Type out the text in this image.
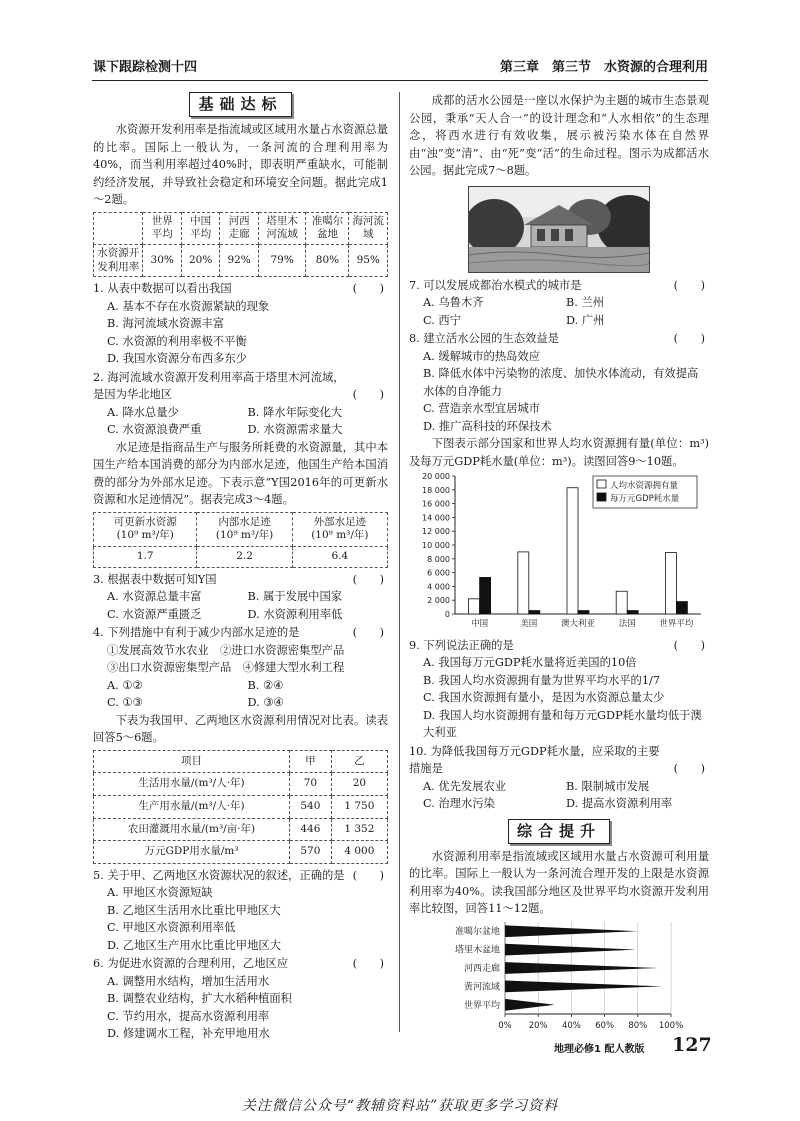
课下跟踪检测十四	第三章　第三节　水资源的合理利用
基础达标

水资源开发利用率是指流域或区域用水量占水资源总量的比率。国际上一般认为，一条河流的合理利用率为40%，而当利用率超过40%时，即表明严重缺水，可能制约经济发展，并导致社会稳定和环境安全问题。据此完成1～2题。

	世界平均	中国平均	河西走廊	塔里木河流域	准噶尔盆地	海河流域
水资源开发利用率	30%	20%	92%	79%	80%	95%
1. 从表中数据可以看出我国	(　　)
A. 基本不存在水资源紧缺的现象
B. 海河流域水资源丰富
C. 水资源的利用率极不平衡
D. 我国水资源分布西多东少
2. 海河流域水资源开发利用率高于塔里木河流域，是因为华北地区	(　　)
A. 降水总量少	B. 降水年际变化大
C. 水资源浪费严重	D. 水资源需求量大

水足迹是指商品生产与服务所耗费的水资源量，其中本国生产给本国消费的部分为内部水足迹，他国生产给本国消费的部分为外部水足迹。下表示意“Y国2016年的可更新水资源和水足迹情况”。据表完成3～4题。

可更新水资源
(10⁹ m³/年)	内部水足迹
(10⁹ m³/年)	外部水足迹
(10⁹ m³/年)
1.7	2.2	6.4
3. 根据表中数据可知Y国	(　　)
A. 水资源总量丰富	B. 属于发展中国家
C. 水资源严重匮乏	D. 水资源利用率低
4. 下列措施中有利于减少内部水足迹的是	(　　)
①发展高效节水农业　②进口水资源密集型产品
③出口水资源密集型产品　④修建大型水利工程
A. ①②	B. ②④
C. ①③	D. ③④

下表为我国甲、乙两地区水资源利用情况对比表。读表回答5～6题。

项目	甲	乙
生活用水量/(m³/人·年)	70	20
生产用水量/(m³/人·年)	540	1 750
农田灌溉用水量/(m³/亩·年)	446	1 352
万元GDP用水量/m³	570	4 000
5. 关于甲、乙两地区水资源状况的叙述，正确的是 (　　)
A. 甲地区水资源短缺
B. 乙地区生活用水比重比甲地区大
C. 甲地区水资源利用率低
D. 乙地区生产用水比重比甲地区大
6. 为促进水资源的合理利用，乙地区应	(　　)
A. 调整用水结构，增加生活用水
B. 调整农业结构，扩大水稻种植面积
C. 节约用水，提高水资源利用率
D. 修建调水工程，补充甲地用水

成都的活水公园是一座以水保护为主题的城市生态景观公园，秉承“天人合一”的设计理念和“人水相依”的生态理念，将西水进行有效收集，展示被污染水体在自然界由“浊”变“清”、由“死”变“活”的生命过程。图示为成都活水公园。据此完成7～8题。

7. 可以发展成都治水模式的城市是	(　　)
A. 乌鲁木齐	B. 兰州
C. 西宁	D. 广州
8. 建立活水公园的生态效益是	(　　)
A. 缓解城市的热岛效应
B. 降低水体中污染物的浓度、加快水体流动，有效提高水体的自净能力
C. 营造亲水型宜居城市
D. 推广高科技的环保技术

下图表示部分国家和世界人均水资源拥有量(单位：m³)及每万元GDP耗水量(单位：m³)。读图回答9～10题。

0
2 000
4 000
6 000
8 000
10 000
12 000
14 000
16 000
18 000
20 000
中国	美国	澳大利亚	法国	世界平均
人均水资源拥有量
每万元GDP耗水量
9. 下列说法正确的是	(　　)
A. 我国每万元GDP耗水量将近美国的10倍
B. 我国人均水资源拥有量为世界平均水平的1/7
C. 我国水资源拥有量小，是因为水资源总量太少
D. 我国人均水资源拥有量和每万元GDP耗水量均低于澳大利亚
10. 为降低我国每万元GDP耗水量，应采取的主要措施是	(　　)
A. 优先发展农业	B. 限制城市发展
C. 治理水污染	D. 提高水资源利用率
综合提升

水资源利用率是指流域或区域用水量占水资源可利用量的比率。国际上一般认为一条河流合理开发的上限是水资源利用率为40%。读我国部分地区及世界平均水资源开发利用率比较图，回答11～12题。

0% 20% 40% 60% 80% 100%
准噶尔盆地
塔里木盆地
河西走廊
黄河流域
世界平均
地理必修1 配人教版 127
关注微信公众号“教辅资料站”获取更多学习资料
